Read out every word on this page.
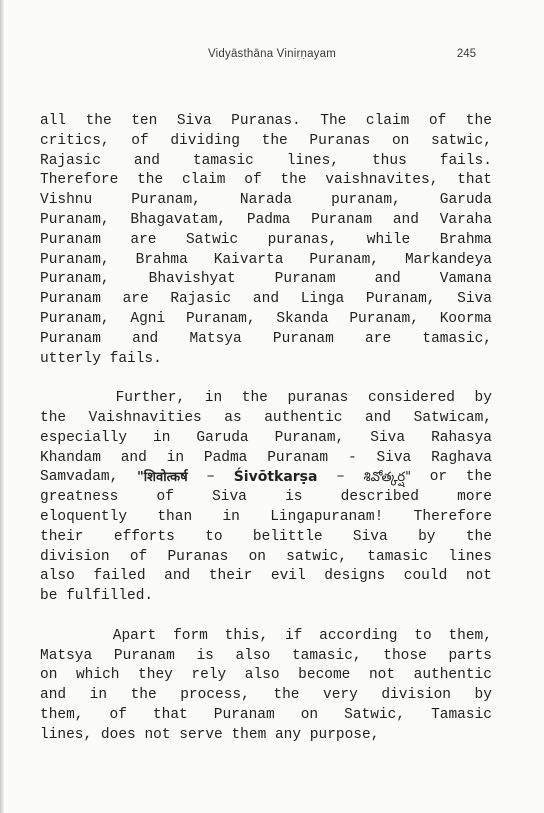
Vidyāsthāna Vinirṇayam	245
all the ten Siva Puranas. The claim of the
critics, of dividing the Puranas on satwic,
Rajasic and tamasic lines, thus fails.
Therefore the claim of the vaishnavites, that
Vishnu	Puranam,	Narada	puranam,	Garuda
Puranam, Bhagavatam, Padma Puranam and Varaha
Puranam are Satwic puranas, while Brahma
Puranam, Brahma Kaivarta Puranam, Markandeya
Puranam,	Bhavishyat	Puranam	and	Vamana
Puranam are Rajasic and Linga Puranam, Siva
Puranam, Agni Puranam, Skanda Puranam, Koorma
Puranam and Matsya Puranam are tamasic,
utterly fails.
Further, in the puranas considered by
the Vaishnavities as authentic and Satwicam,
especially in Garuda Puranam, Siva Rahasya
Khandam and in Padma Puranam - Siva Raghava
Samvadam, "शिवोत्कर्ष – Śivōtkarṣa – శివోత్కర్ష" or the
greatness	of	Siva	is	described	more
eloquently than in Lingapuranam! Therefore
their efforts to belittle Siva by the
division of Puranas on satwic, tamasic lines
also failed and their evil designs could not
be fulfilled.
Apart form this, if according to them,
Matsya Puranam is also tamasic, those parts
on which they rely also become not authentic
and in the process, the very division by
them, of that Puranam on Satwic, Tamasic
lines, does not serve them any purpose,
